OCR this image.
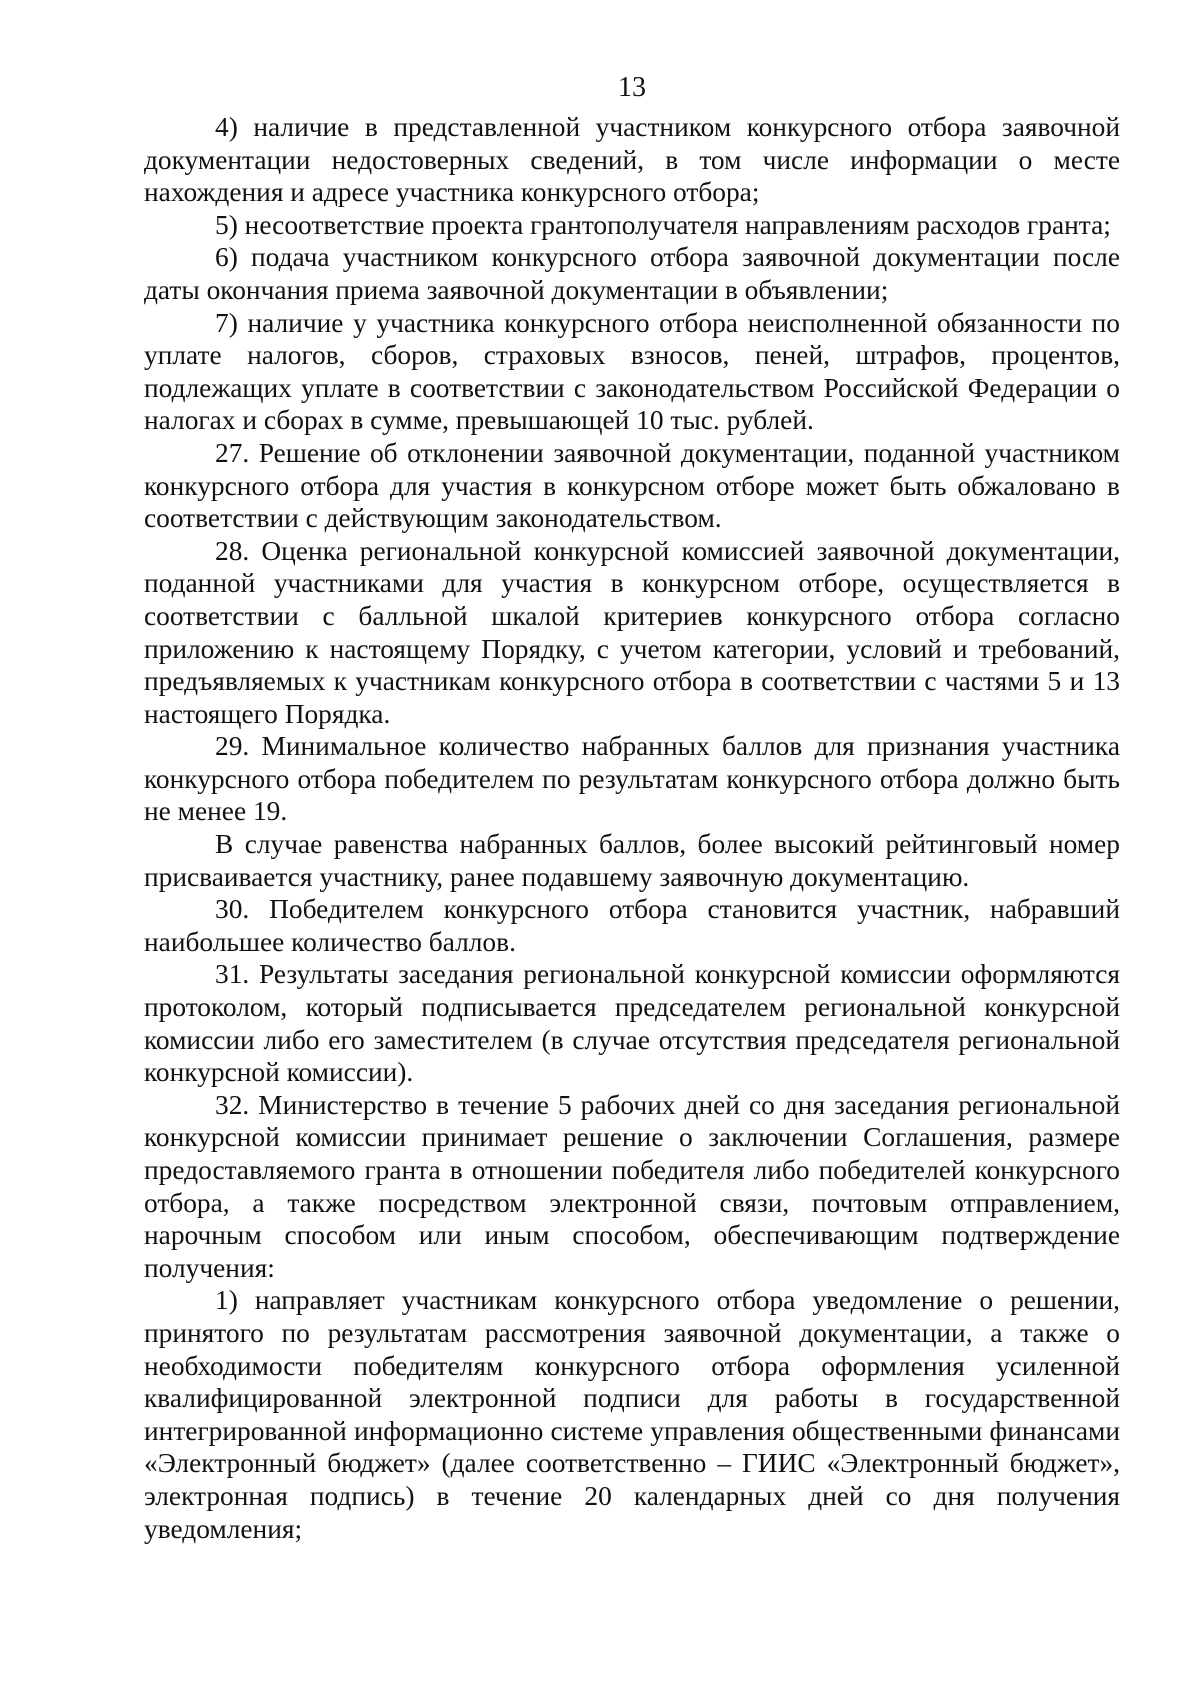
13

4) наличие в представленной участником конкурсного отбора заявочной документации недостоверных сведений, в том числе информации о месте нахождения и адресе участника конкурсного отбора;

5) несоответствие проекта грантополучателя направлениям расходов гранта;

6) подача участником конкурсного отбора заявочной документации после даты окончания приема заявочной документации в объявлении;

7) наличие у участника конкурсного отбора неисполненной обязанности по уплате налогов, сборов, страховых взносов, пеней, штрафов, процентов, подлежащих уплате в соответствии с законодательством Российской Федерации о налогах и сборах в сумме, превышающей 10 тыс. рублей.

27. Решение об отклонении заявочной документации, поданной участником конкурсного отбора для участия в конкурсном отборе может быть обжаловано в соответствии с действующим законодательством.

28. Оценка региональной конкурсной комиссией заявочной документации, поданной участниками для участия в конкурсном отборе, осуществляется в соответствии с балльной шкалой критериев конкурсного отбора согласно приложению к настоящему Порядку, с учетом категории, условий и требований, предъявляемых к участникам конкурсного отбора в соответствии с частями 5 и 13 настоящего Порядка.

29. Минимальное количество набранных баллов для признания участника конкурсного отбора победителем по результатам конкурсного отбора должно быть не менее 19.

В случае равенства набранных баллов, более высокий рейтинговый номер присваивается участнику, ранее подавшему заявочную документацию.

30. Победителем конкурсного отбора становится участник, набравший наибольшее количество баллов.

31. Результаты заседания региональной конкурсной комиссии оформляются протоколом, который подписывается председателем региональной конкурсной комиссии либо его заместителем (в случае отсутствия председателя региональной конкурсной комиссии).

32. Министерство в течение 5 рабочих дней со дня заседания региональной конкурсной комиссии принимает решение о заключении Соглашения, размере предоставляемого гранта в отношении победителя либо победителей конкурсного отбора, а также посредством электронной связи, почтовым отправлением, нарочным способом или иным способом, обеспечивающим подтверждение получения:

1) направляет участникам конкурсного отбора уведомление о решении, принятого по результатам рассмотрения заявочной документации, а также о необходимости победителям конкурсного отбора оформления усиленной квалифицированной электронной подписи для работы в государственной интегрированной информационно системе управления общественными финансами «Электронный бюджет» (далее соответственно – ГИИС «Электронный бюджет», электронная подпись) в течение 20 календарных дней со дня получения уведомления;
